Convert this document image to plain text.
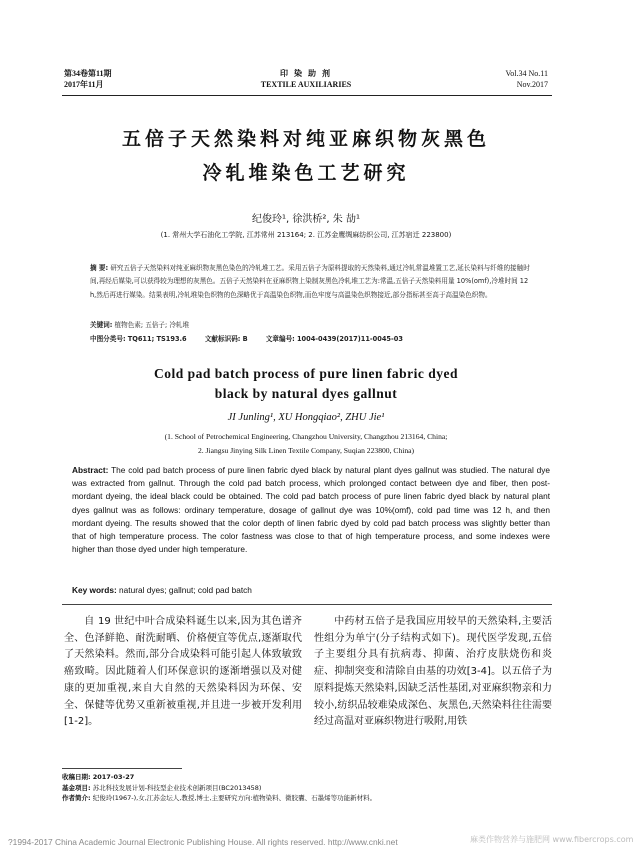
第34卷第11期
2017年11月
印 染 助 剂
TEXTILE AUXILIARIES
Vol.34 No.11
Nov.2017
五倍子天然染料对纯亚麻织物灰黑色
冷轧堆染色工艺研究
纪俊玲¹, 徐洪桥², 朱 劼¹
(1. 常州大学石油化工学院, 江苏常州 213164; 2. 江苏金鹰绸麻纺织公司, 江苏宿迁 223800)
摘 要: 研究五倍子天然染料对纯亚麻织物灰黑色染色的冷轧堆工艺。采用五倍子为原料提取的天然染料,通过冷轧常温堆置工艺,延长染料与纤维的接触时间,再经后媒染,可以获得较为理想的灰黑色。五倍子天然染料在亚麻织物上染制灰黑色冷轧堆工艺为:常温,五倍子天然染料用量 10%(omf),冷堆时间 12 h,然后再进行媒染。结果表明,冷轧堆染色织物的色深略优于高温染色织物,而色牢度与高温染色织物接近,部分指标甚至高于高温染色织物。
关键词: 植物色素; 五倍子; 冷轧堆
中图分类号: TQ611; TS193.6	文献标识码: B	文章编号: 1004-0439(2017)11-0045-03
Cold pad batch process of pure linen fabric dyed
black by natural dyes gallnut
JI Junling¹, XU Hongqiao², ZHU Jie¹
(1. School of Petrochemical Engineering, Changzhou University, Changzhou 213164, China;
2. Jiangsu Jinying Silk Linen Textile Company, Suqian 223800, China)
Abstract: The cold pad batch process of pure linen fabric dyed black by natural plant dyes gallnut was studied. The natural dye was extracted from gallnut. Through the cold pad batch process, which prolonged contact between dye and fiber, then post-mordant dyeing, the ideal black could be obtained. The cold pad batch process of pure linen fabric dyed black by natural plant dyes gallnut was as follows: ordinary temperature, dosage of gallnut dye was 10%(omf), cold pad time was 12 h, and then mordant dyeing. The results showed that the color depth of linen fabric dyed by cold pad batch process was slightly better than that of high temperature process. The color fastness was close to that of high temperature process, and some indexes were higher than those dyed under high temperature.
Key words: natural dyes; gallnut; cold pad batch
自 19 世纪中叶合成染料诞生以来,因为其色谱齐全、色泽鲜艳、耐洗耐晒、价格便宜等优点,逐渐取代了天然染料。然而,部分合成染料可能引起人体致敏致癌致畸。因此随着人们环保意识的逐渐增强以及对健康的更加重视,来自大自然的天然染料因为环保、安全、保健等优势又重新被重视,并且进一步被开发利用[1-2]。
中药材五倍子是我国应用较早的天然染料,主要活性组分为单宁(分子结构式如下)。现代医学发现,五倍子主要组分具有抗病毒、抑菌、治疗皮肤烧伤和炎症、抑制突变和清除自由基的功效[3-4]。以五倍子为原料提炼天然染料,因缺乏活性基团,对亚麻织物亲和力较小,纺织品较难染成深色、灰黑色,天然染料往往需要经过高温对亚麻织物进行吸附,用铁
收稿日期: 2017-03-27
基金项目: 苏北科技发展计划-科技型企业技术创新项目(BC2013458)
作者简介: 纪俊玲(1967-),女,江苏金坛人,教授,博士,主要研究方向:植物染料、微胶囊、石墨烯等功能新材料。
?1994-2017 China Academic Journal Electronic Publishing House. All rights reserved. http://www.cnki.net	麻类作物营养与施肥网 www.fibercrops.com
